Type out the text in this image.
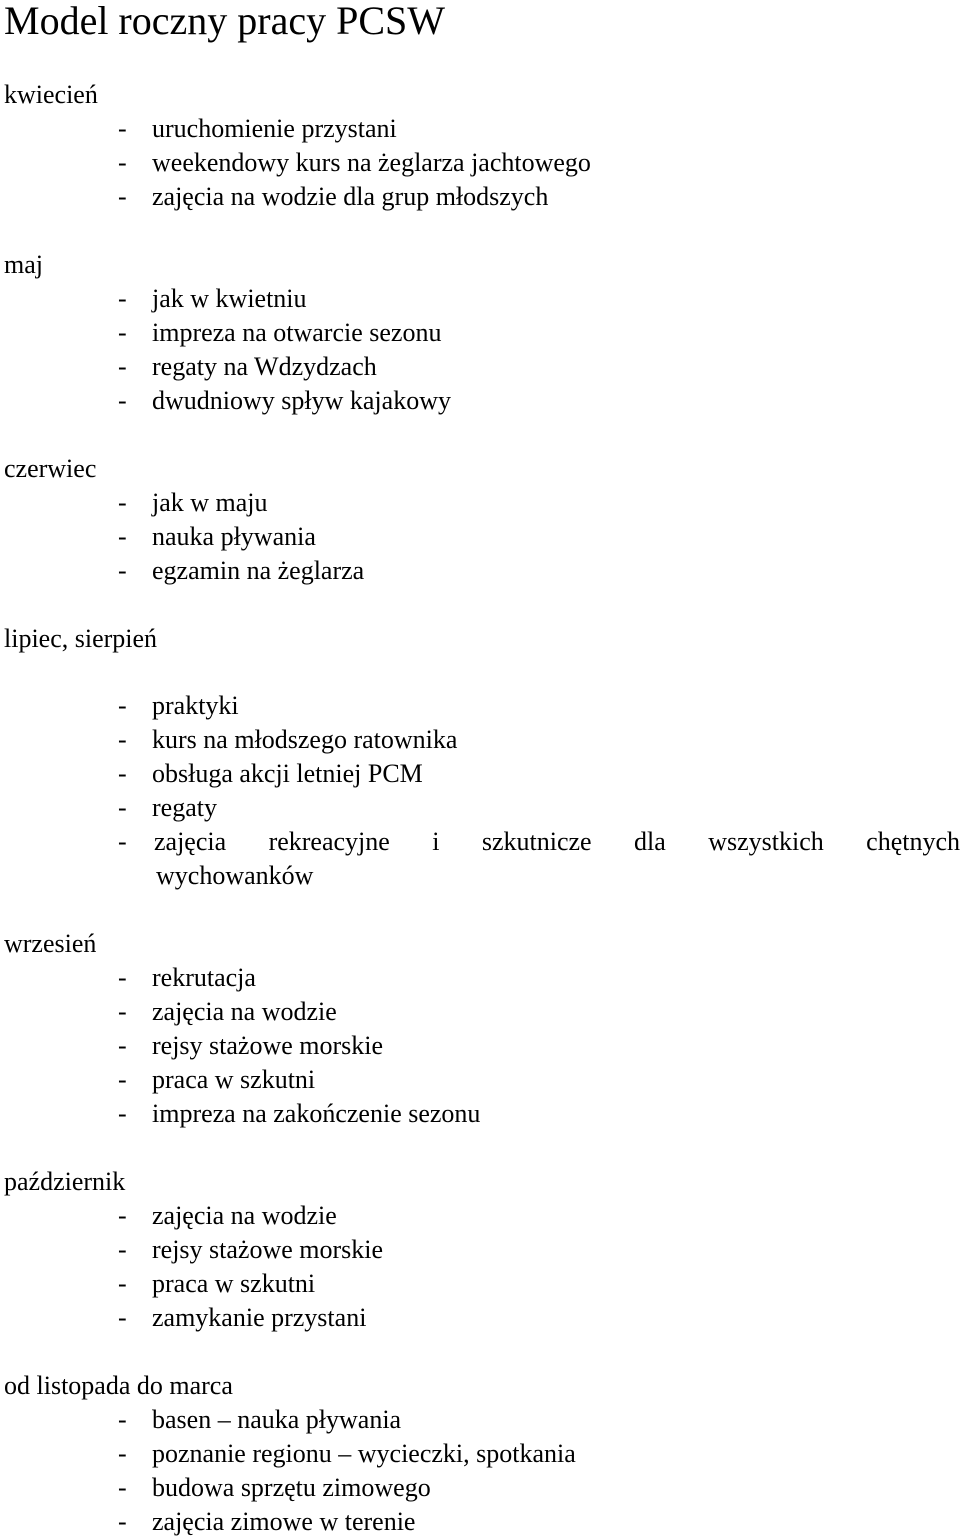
Model roczny pracy PCSW
kwiecień
- uruchomienie przystani
- weekendowy kurs na żeglarza jachtowego
- zajęcia na wodzie dla grup młodszych
maj
- jak w kwietniu
- impreza na otwarcie sezonu
- regaty na Wdzydzach
- dwudniowy spływ kajakowy
czerwiec
- jak w maju
- nauka pływania
- egzamin na żeglarza
lipiec, sierpień
- praktyki
- kurs na młodszego ratownika
- obsługa akcji letniej PCM
- regaty
- zajęcia rekreacyjne i szkutnicze dla wszystkich chętnych
wychowanków
wrzesień
- rekrutacja
- zajęcia na wodzie
- rejsy stażowe morskie
- praca w szkutni
- impreza na zakończenie sezonu
październik
- zajęcia na wodzie
- rejsy stażowe morskie
- praca w szkutni
- zamykanie przystani
od listopada do marca
- basen – nauka pływania
- poznanie regionu – wycieczki, spotkania
- budowa sprzętu zimowego
- zajęcia zimowe w terenie
